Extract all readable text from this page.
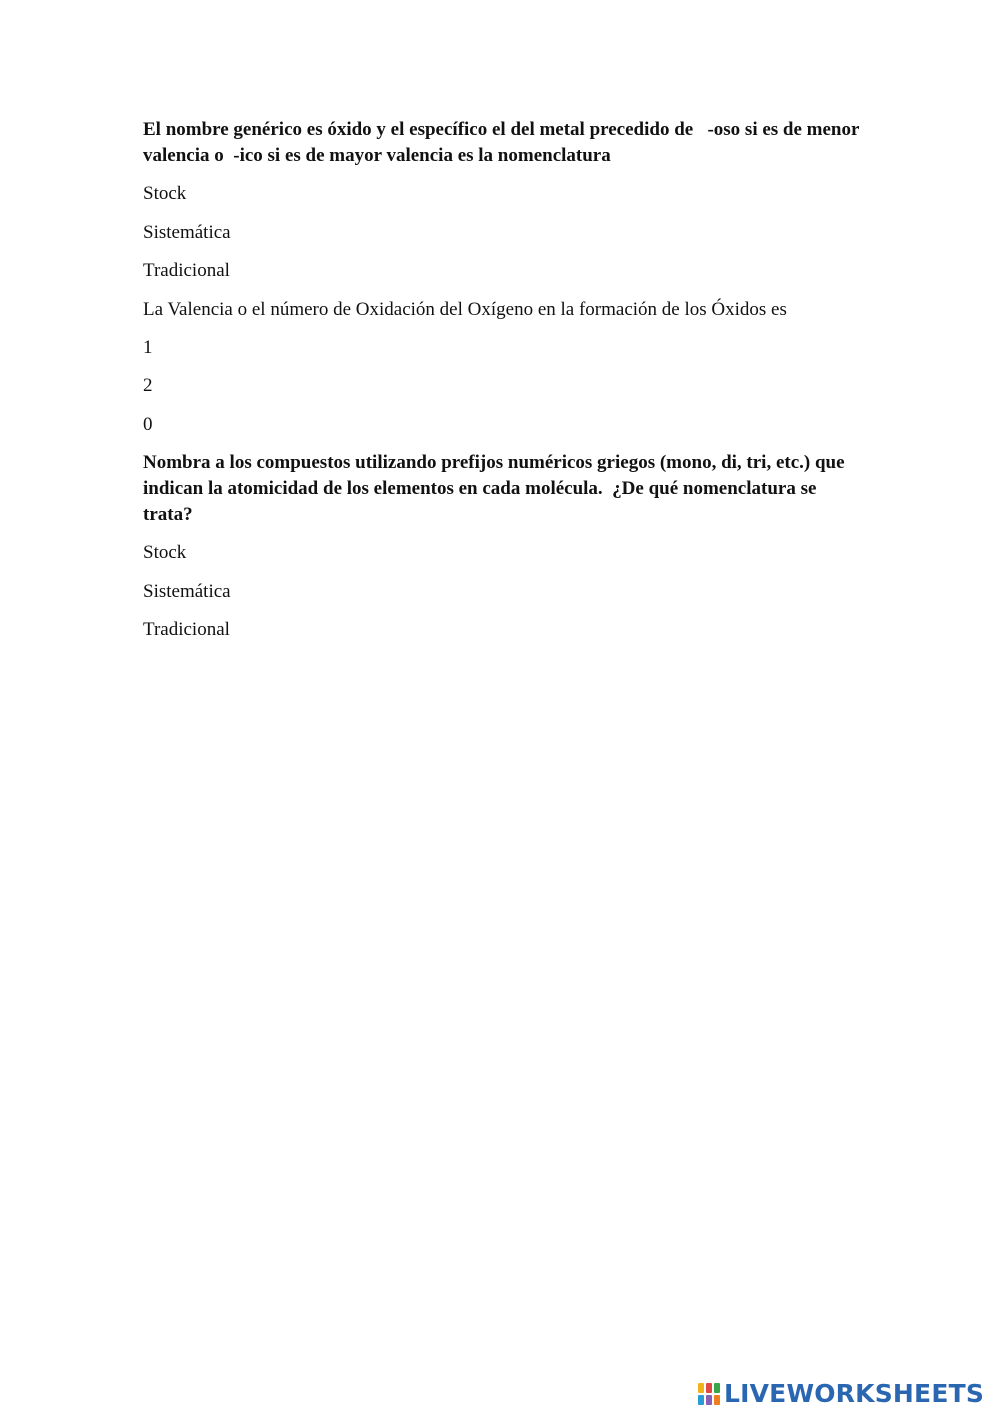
El nombre genérico es óxido y el específico el del metal precedido de   -oso si es de menor valencia o  -ico si es de mayor valencia es la nomenclatura

Stock
Sistemática
Tradicional

La Valencia o el número de Oxidación del Oxígeno en la formación de los Óxidos es

1
2
0

Nombra a los compuestos utilizando prefijos numéricos griegos (mono, di, tri, etc.) que indican la atomicidad de los elementos en cada molécula.  ¿De qué nomenclatura se trata?

Stock
Sistemática
Tradicional
LIVEWORKSHEETS
